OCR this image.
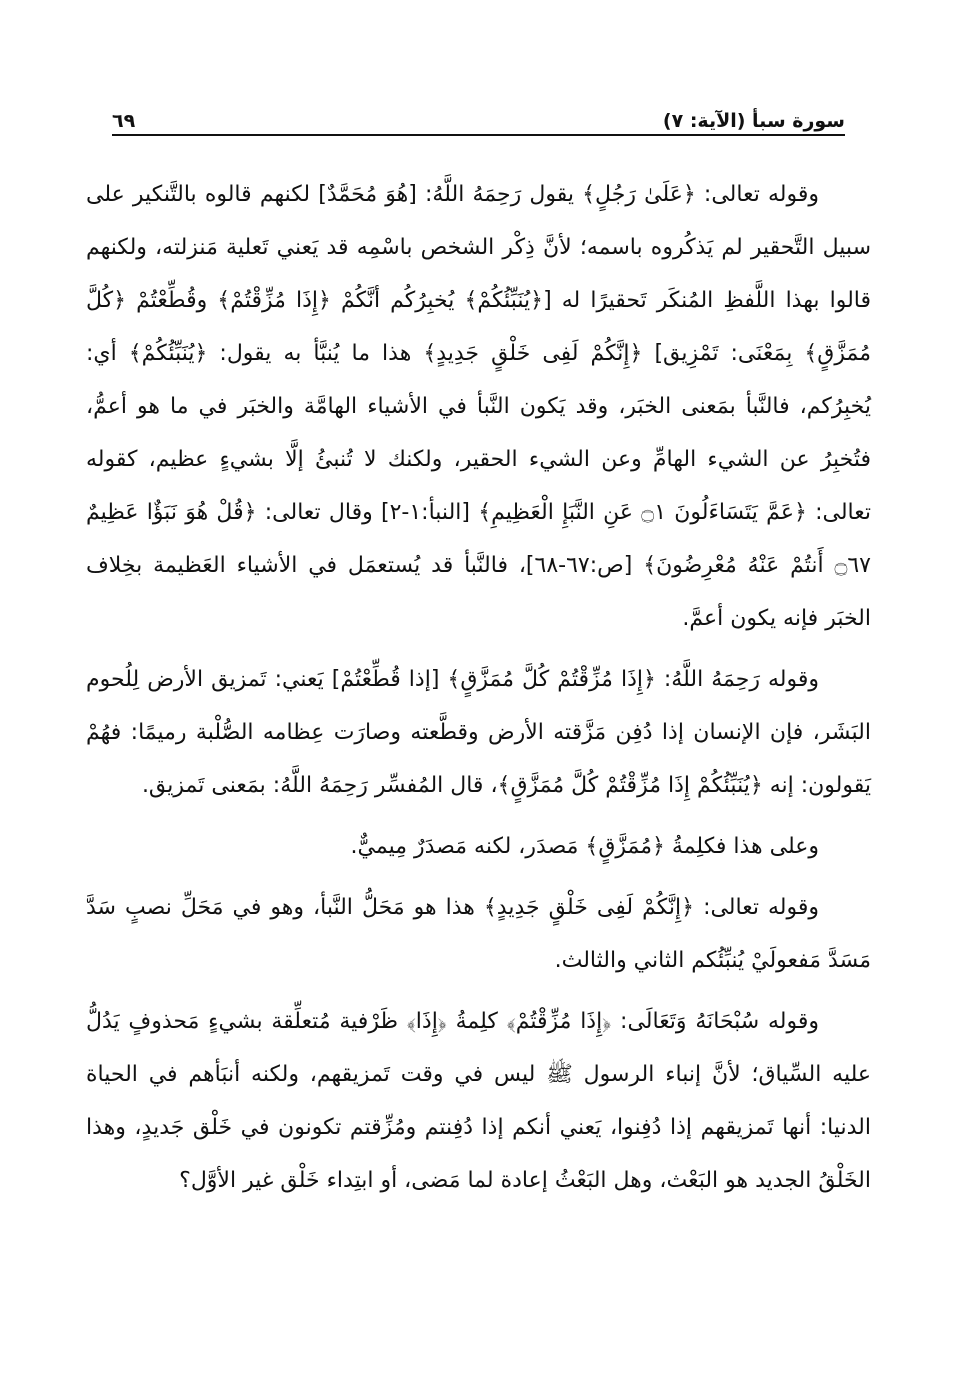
سورة سبأ (الآية: ٧)
٦٩

وقوله تعالى: ﴿عَلَىٰ رَجُلٍ﴾ يقول رَحِمَهُ اللَّهُ: [هُوَ مُحَمَّدٌ] لكنهم قالوه بالتَّنكير على سبيل التَّحقير لم يَذكُروه باسمه؛ لأنَّ ذِكْر الشخص باسْمِه قد يَعني تَعلية مَنزلته، ولكنهم قالوا بهذا اللَّفظِ المُنكَر تَحقيرًا له [﴿يُنَبِّئُكُمْ﴾ يُخبِرُكُم أنَّكُمْ ﴿إِذَا مُزِّقْتُمْ﴾ وقُطِّعْتُمْ ﴿كُلَّ مُمَزَّقٍ﴾ بِمَعْنَى: تَمْزِيق] ﴿إِنَّكُمْ لَفِى خَلْقٍ جَدِيدٍ﴾ هذا ما يُنبَّأ به يقول: ﴿يُنَبِّئُكُمْ﴾ أي: يُخبِرُكم، فالنَّبأ بمَعنى الخبَر، وقد يَكون النَّبأ في الأشياء الهامَّة والخبَر في ما هو أعمُّ، فتُخبِرُ عن الشيء الهامِّ وعن الشيء الحقير، ولكنك لا تُنبئُ إلَّا بشيءٍ عظيم، كقوله تعالى: ﴿عَمَّ يَتَسَاءَلُونَ ۝١ عَنِ النَّبَإِ الْعَظِيمِ﴾ [النبأ:١-٢] وقال تعالى: ﴿قُلْ هُوَ نَبَؤٌا عَظِيمٌ ۝٦٧ أَنتُمْ عَنْهُ مُعْرِضُونَ﴾ [ص:٦٧-٦٨]، فالنَّبأ قد يُستعمَل في الأشياء العَظيمة بخِلاف الخبَر فإنه يكون أعمَّ.

وقوله رَحِمَهُ اللَّهُ: ﴿إِذَا مُزِّقْتُمْ كُلَّ مُمَزَّقٍ﴾ [إذا قُطِّعْتُمْ] يَعني: تَمزيق الأرض لِلُحوم البَشَر، فإن الإنسان إذا دُفِن مَزَّقته الأرض وقطَّعته وصارَت عِظامه الصُّلْبة رميمًا: فهُمْ يَقولون: إنه ﴿يُنَبِّئُكُمْ إِذَا مُزِّقْتُمْ كُلَّ مُمَزَّقٍ﴾، قال المُفسِّر رَحِمَهُ اللَّهُ: بمَعنى تَمزيق.

وعلى هذا فكلِمةُ ﴿مُمَزَّقٍ﴾ مَصدَر، لكنه مَصدَرٌ مِيميٌّ.

وقوله تعالى: ﴿إِنَّكُمْ لَفِى خَلْقٍ جَدِيدٍ﴾ هذا هو مَحَلُّ النَّبأ، وهو في مَحَلِّ نصبٍ سَدَّ مَسَدَّ مَفعولَيْ يُنبِّئُكم الثاني والثالث.

وقوله سُبْحَانَهُ وَتَعَالَى: ﴿إِذَا مُزِّقْتُمْ﴾ كلِمةُ ﴿إِذَا﴾ ظَرْفية مُتعلِّقة بشيءٍ مَحذوفٍ يَدُلُّ عليه السِّياق؛ لأنَّ إنباء الرسول ﷺ ليس في وقت تَمزيقهم، ولكنه أنبَأهم في الحياة الدنيا: أنها تَمزيقهم إذا دُفِنوا، يَعني أنكم إذا دُفِنتم ومُزِّقتم تكونون في خَلْق جَديدٍ، وهذا الخَلْقُ الجديد هو البَعْث، وهل البَعْثُ إعادة لما مَضى، أو ابتِداء خَلْق غير الأوَّل؟
